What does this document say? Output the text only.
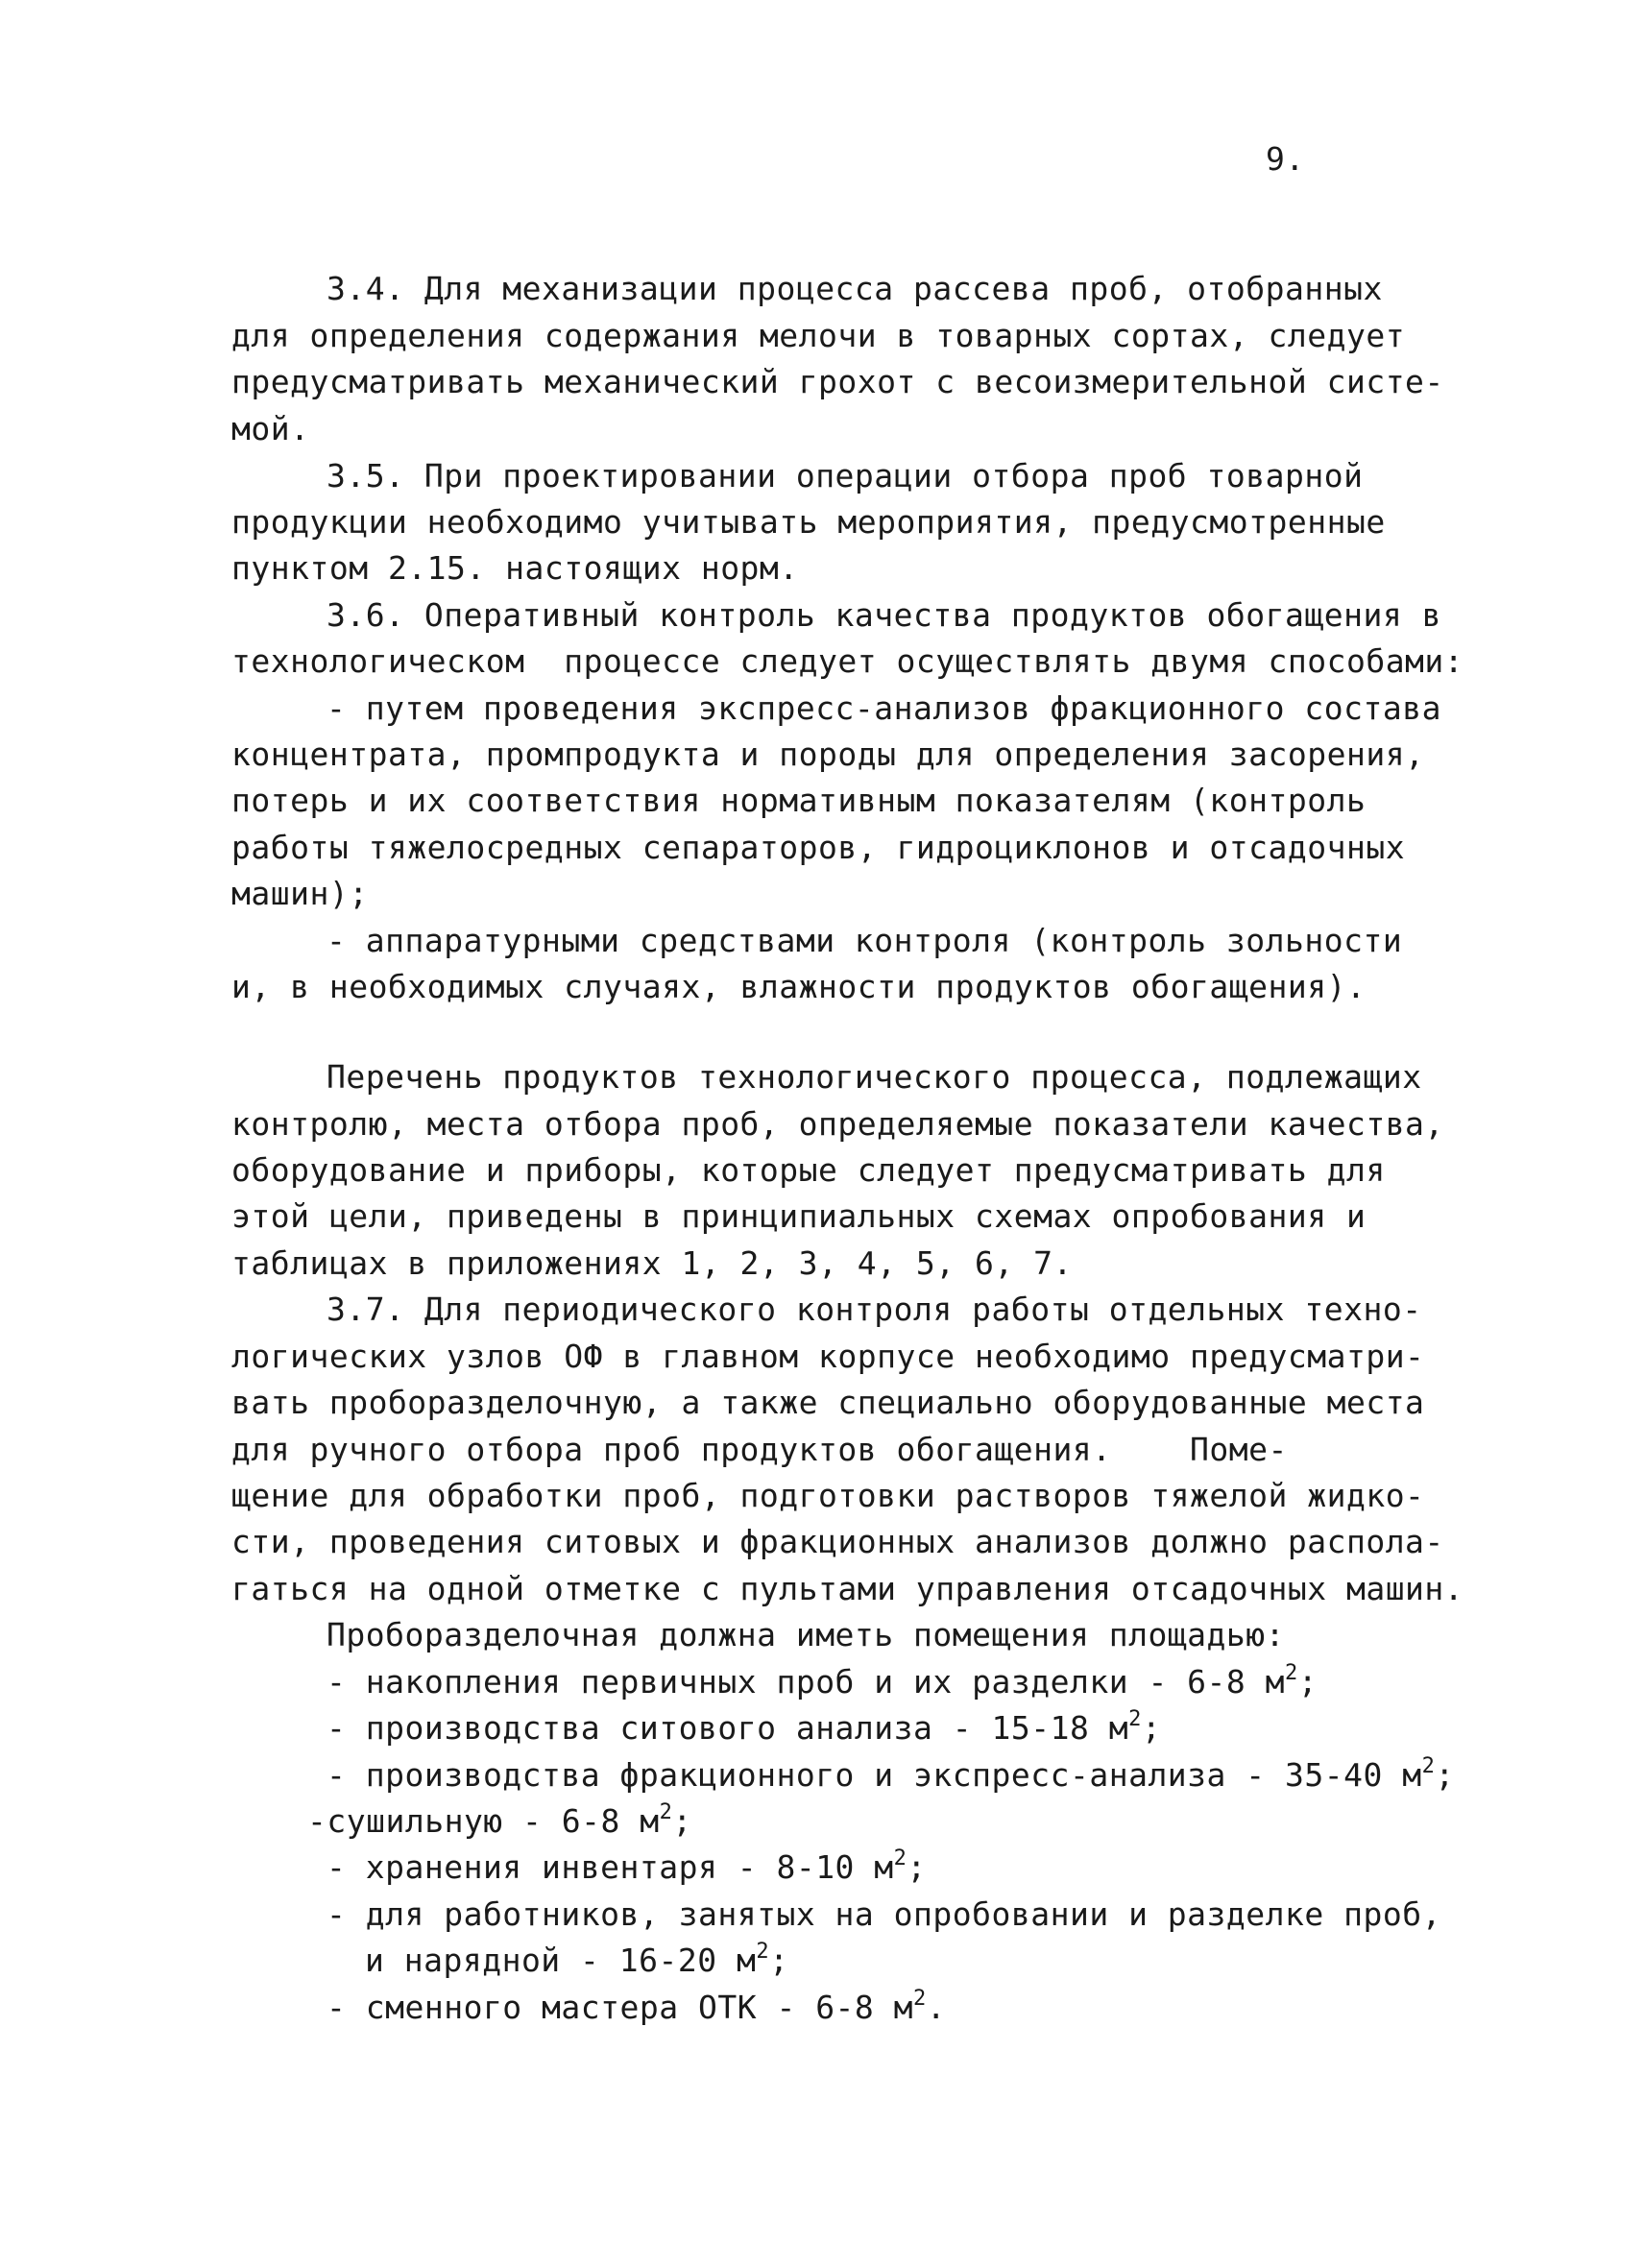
9.
3.4. Для механизации процесса рассева проб, отобранных
для определения содержания мелочи в товарных сортах, следует
предусматривать механический грохот с весоизмерительной систе-
мой.
3.5. При проектировании операции отбора проб товарной
продукции необходимо учитывать мероприятия, предусмотренные
пунктом 2.15. настоящих норм.
3.6. Оперативный контроль качества продуктов обогащения в
технологическом  процессе следует осуществлять двумя способами:
- путем проведения экспресс-анализов фракционного состава
концентрата, промпродукта и породы для определения засорения,
потерь и их соответствия нормативным показателям (контроль
работы тяжелосредных сепараторов, гидроциклонов и отсадочных
машин);
- аппаратурными средствами контроля (контроль зольности
и, в необходимых случаях, влажности продуктов обогащения).
Перечень продуктов технологического процесса, подлежащих
контролю, места отбора проб, определяемые показатели качества,
оборудование и приборы, которые следует предусматривать для
этой цели, приведены в принципиальных схемах опробования и
таблицах в приложениях 1, 2, 3, 4, 5, 6, 7.
3.7. Для периодического контроля работы отдельных техно-
логических узлов ОФ в главном корпусе необходимо предусматри-
вать проборазделочную, а также специально оборудованные места
для ручного отбора проб продуктов обогащения.    Поме-
щение для обработки проб, подготовки растворов тяжелой жидко-
сти, проведения ситовых и фракционных анализов должно распола-
гаться на одной отметке с пультами управления отсадочных машин.
Проборазделочная должна иметь помещения площадью:
- накопления первичных проб и их разделки - 6-8 $м^2$;
- производства ситового анализа - 15-18 $м^2$;
- производства фракционного и экспресс-анализа - 35-40 $м^2$;
-сушильную - 6-8 $м^2$;
- хранения инвентаря - 8-10 $м^2$;
- для работников, занятых на опробовании и разделке проб,
и нарядной - 16-20 $м^2$;
- сменного мастера ОТК - 6-8 $м^2$.
